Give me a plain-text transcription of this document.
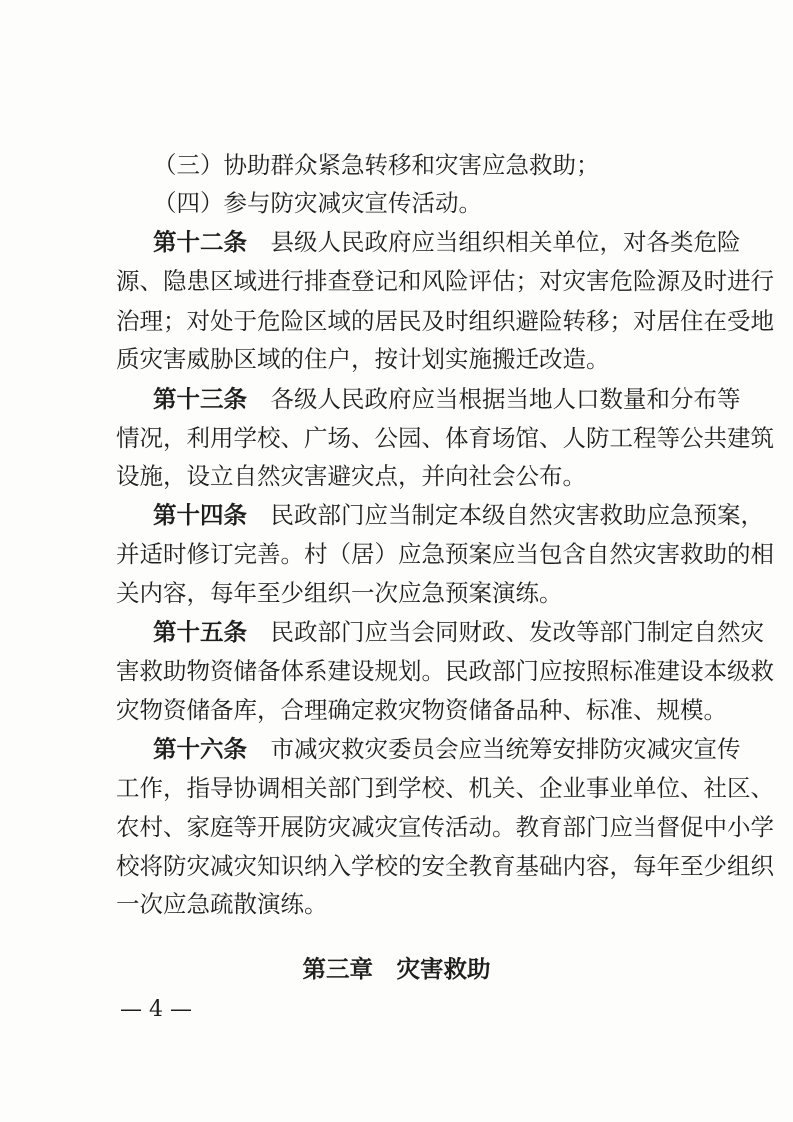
（三）协助群众紧急转移和灾害应急救助；
（四）参与防灾减灾宣传活动。
第十二条　 县级人民政府应当组织相关单位，对各类危险
源、隐患区域进行排查登记和风险评估；对灾害危险源及时进行
治理；对处于危险区域的居民及时组织避险转移；对居住在受地
质灾害威胁区域的住户，按计划实施搬迁改造。
第十三条　 各级人民政府应当根据当地人口数量和分布等
情况，利用学校、广场、公园、体育场馆、人防工程等公共建筑
设施，设立自然灾害避灾点，并向社会公布。
第十四条　 民政部门应当制定本级自然灾害救助应急预案，
并适时修订完善。村（居）应急预案应当包含自然灾害救助的相
关内容，每年至少组织一次应急预案演练。
第十五条　 民政部门应当会同财政、发改等部门制定自然灾
害救助物资储备体系建设规划。民政部门应按照标准建设本级救
灾物资储备库，合理确定救灾物资储备品种、标准、规模。
第十六条　 市减灾救灾委员会应当统筹安排防灾减灾宣传
工作，指导协调相关部门到学校、机关、企业事业单位、社区、
农村、家庭等开展防灾减灾宣传活动。教育部门应当督促中小学
校将防灾减灾知识纳入学校的安全教育基础内容，每年至少组织
一次应急疏散演练。
第三章　灾害救助
— 4 —
